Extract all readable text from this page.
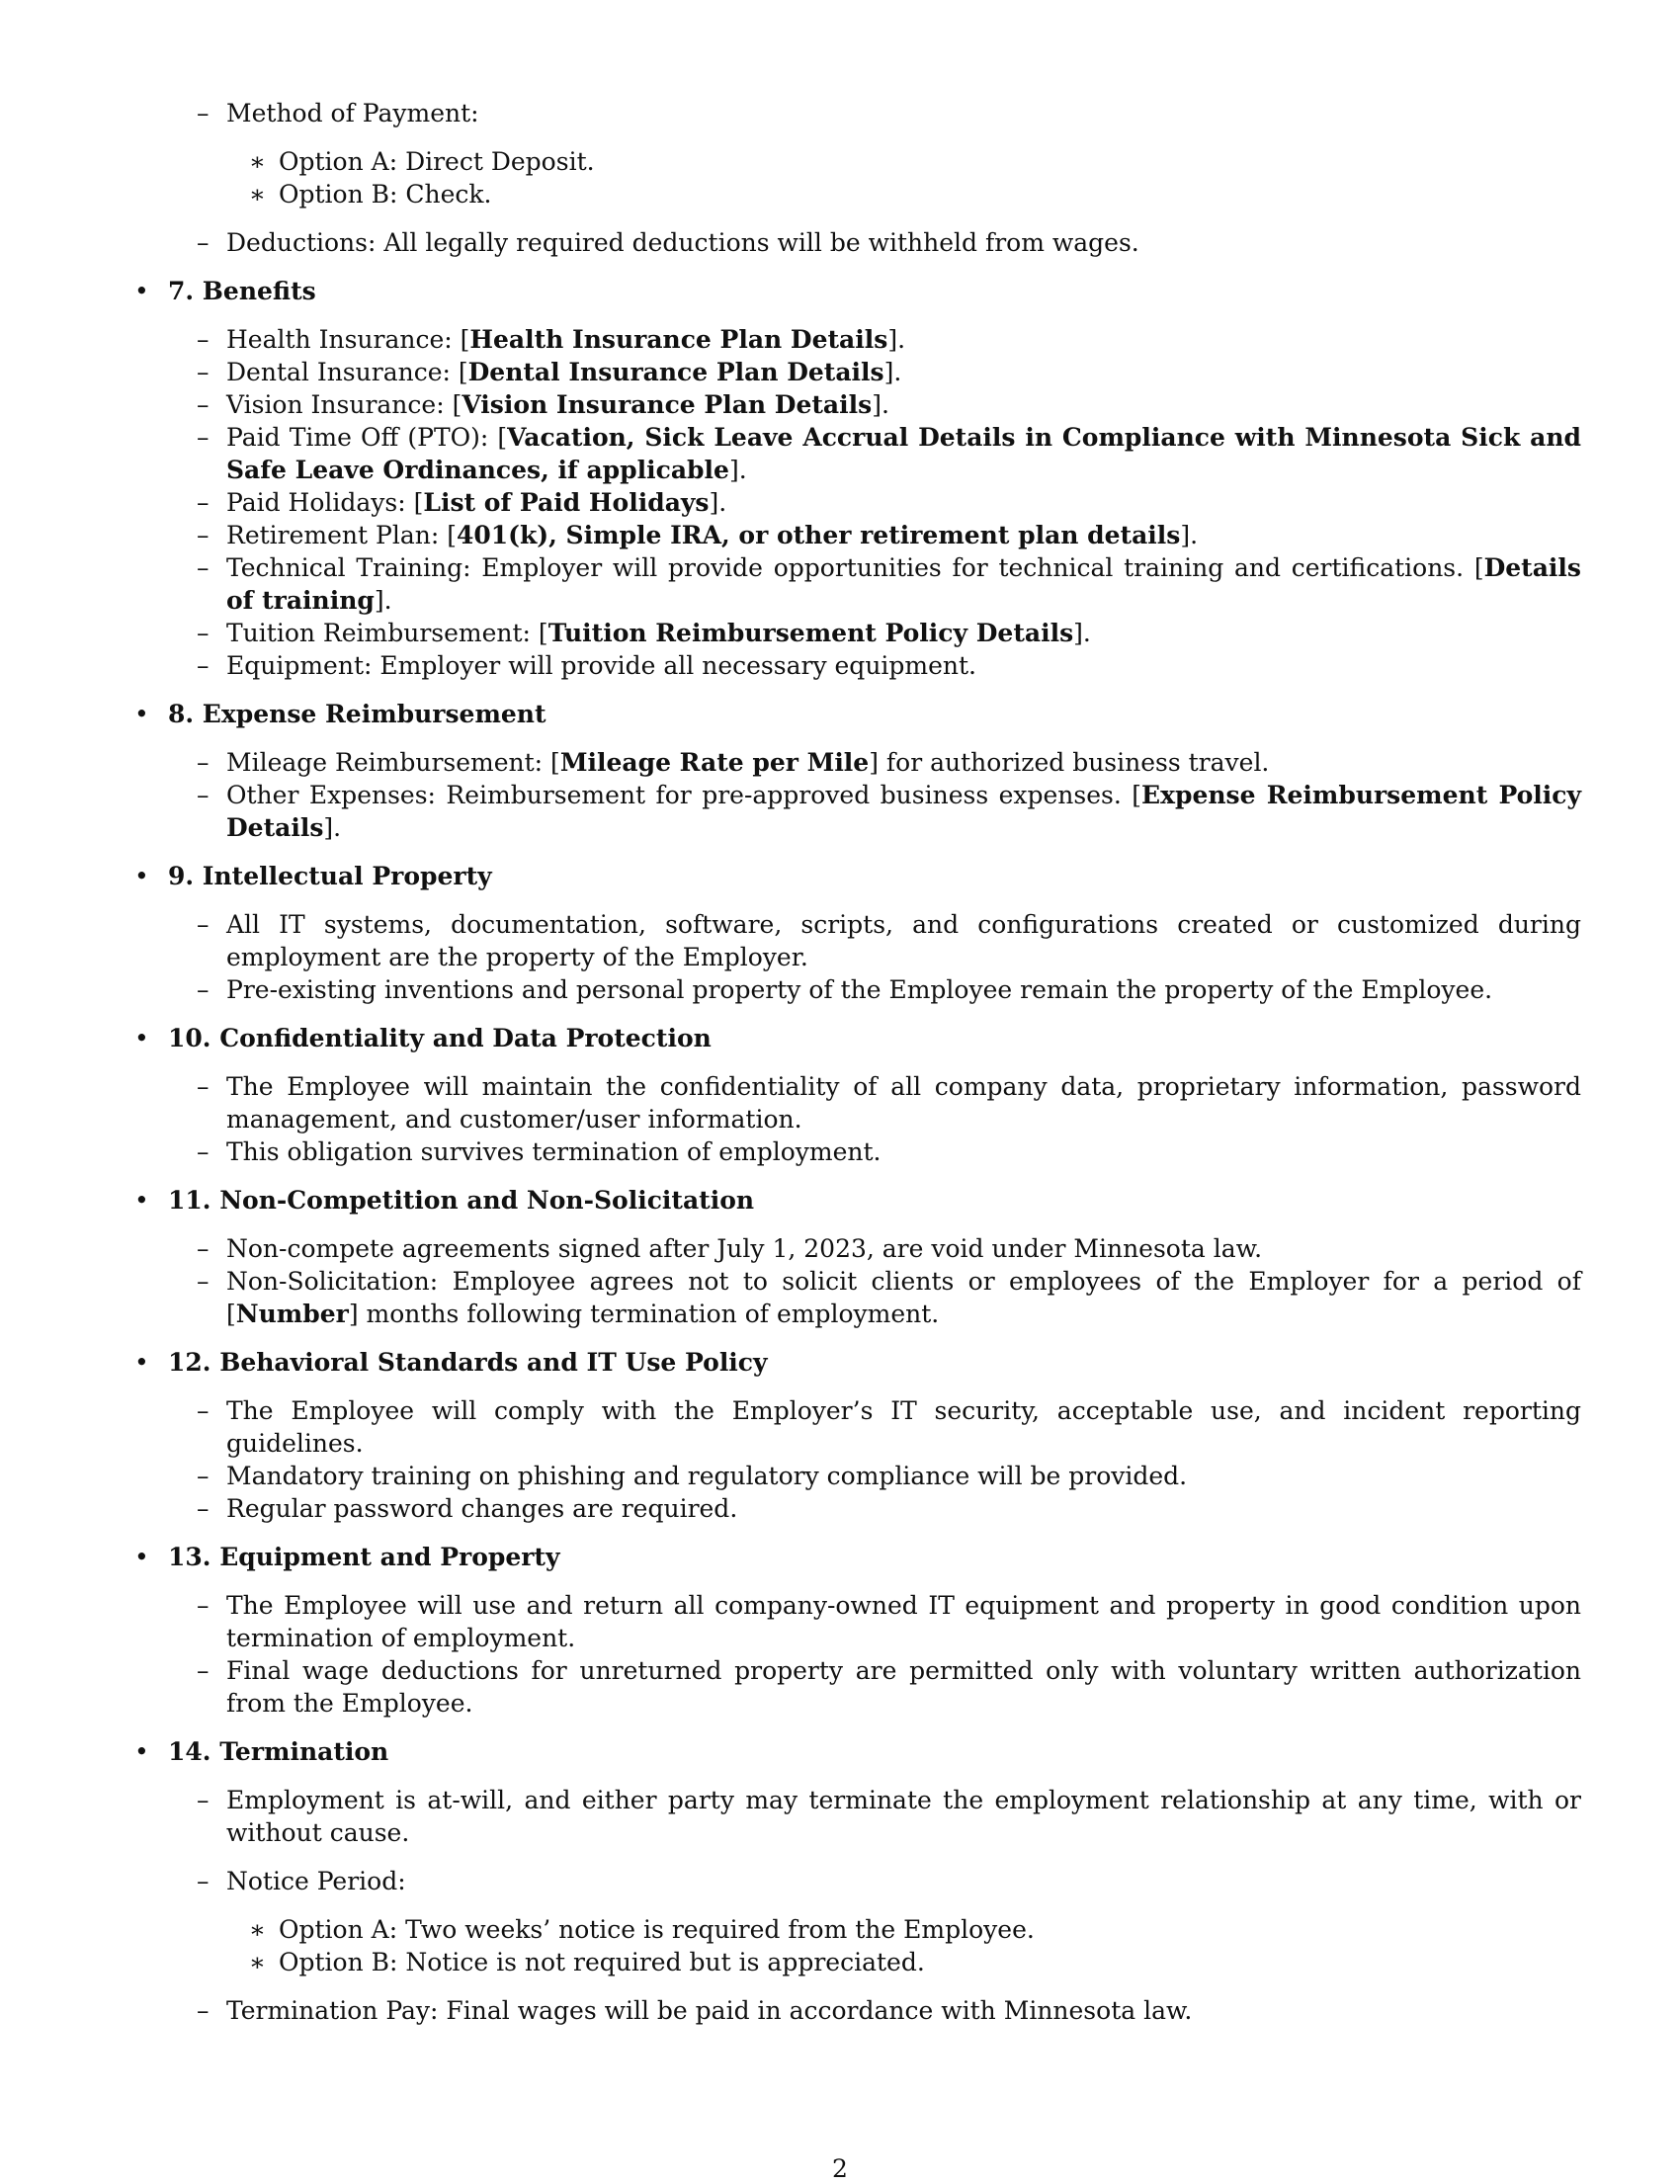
– Method of Payment:
∗ Option A: Direct Deposit.
∗ Option B: Check.
– Deductions: All legally required deductions will be withheld from wages.
• 7. Benefits
– Health Insurance: [Health Insurance Plan Details].
– Dental Insurance: [Dental Insurance Plan Details].
– Vision Insurance: [Vision Insurance Plan Details].
– Paid Time Off (PTO): [Vacation, Sick Leave Accrual Details in Compliance with Minnesota Sick and Safe Leave Ordinances, if applicable].
– Paid Holidays: [List of Paid Holidays].
– Retirement Plan: [401(k), Simple IRA, or other retirement plan details].
– Technical Training: Employer will provide opportunities for technical training and certifications. [Details of training].
– Tuition Reimbursement: [Tuition Reimbursement Policy Details].
– Equipment: Employer will provide all necessary equipment.
• 8. Expense Reimbursement
– Mileage Reimbursement: [Mileage Rate per Mile] for authorized business travel.
– Other Expenses: Reimbursement for pre-approved business expenses. [Expense Reimbursement Policy Details].
• 9. Intellectual Property
– All IT systems, documentation, software, scripts, and configurations created or customized during employment are the property of the Employer.
– Pre-existing inventions and personal property of the Employee remain the property of the Employee.
• 10. Confidentiality and Data Protection
– The Employee will maintain the confidentiality of all company data, proprietary information, password management, and customer/user information.
– This obligation survives termination of employment.
• 11. Non-Competition and Non-Solicitation
– Non-compete agreements signed after July 1, 2023, are void under Minnesota law.
– Non-Solicitation: Employee agrees not to solicit clients or employees of the Employer for a period of [Number] months following termination of employment.
• 12. Behavioral Standards and IT Use Policy
– The Employee will comply with the Employer’s IT security, acceptable use, and incident reporting guidelines.
– Mandatory training on phishing and regulatory compliance will be provided.
– Regular password changes are required.
• 13. Equipment and Property
– The Employee will use and return all company-owned IT equipment and property in good condition upon termination of employment.
– Final wage deductions for unreturned property are permitted only with voluntary written authorization from the Employee.
• 14. Termination
– Employment is at-will, and either party may terminate the employment relationship at any time, with or without cause.
– Notice Period:
∗ Option A: Two weeks’ notice is required from the Employee.
∗ Option B: Notice is not required but is appreciated.
– Termination Pay: Final wages will be paid in accordance with Minnesota law.
2
